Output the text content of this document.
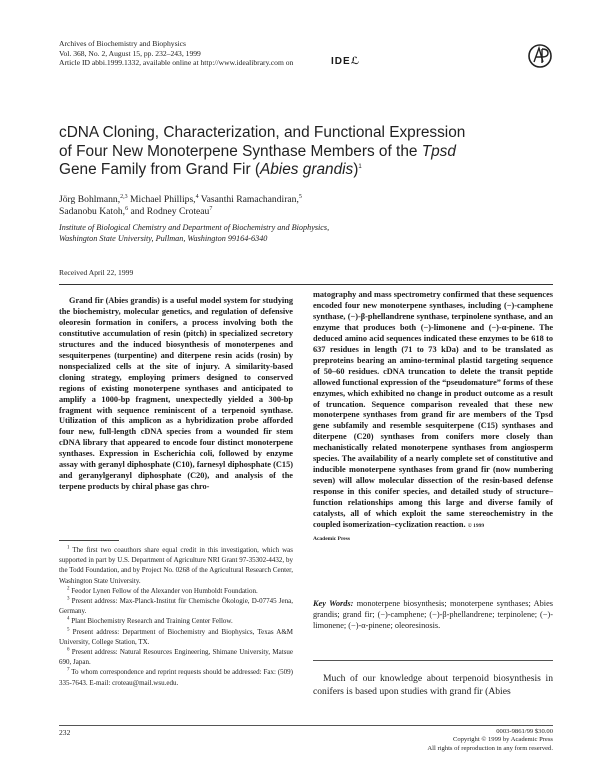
Archives of Biochemistry and Biophysics
Vol. 368, No. 2, August 15, pp. 232–243, 1999
Article ID abbi.1999.1332, available online at http://www.idealibrary.com on	IDEℒ
cDNA Cloning, Characterization, and Functional Expression
of Four New Monoterpene Synthase Members of the Tpsd
Gene Family from Grand Fir (Abies grandis)$^1$
Jörg Bohlmann,$^{2,3}$ Michael Phillips,$^4$ Vasanthi Ramachandiran,$^5$
Sadanobu Katoh,$^6$ and Rodney Croteau$^7$
Institute of Biological Chemistry and Department of Biochemistry and Biophysics,
Washington State University, Pullman, Washington 99164-6340
Received April 22, 1999
Grand fir (Abies grandis) is a useful model system for studying the biochemistry, molecular genetics, and regulation of defensive oleoresin formation in conifers, a process involving both the constitutive accumulation of resin (pitch) in specialized secretory structures and the induced biosynthesis of monoterpenes and sesquiterpenes (turpentine) and diterpene resin acids (rosin) by nonspecialized cells at the site of injury. A similarity-based cloning strategy, employing primers designed to conserved regions of existing monoterpene synthases and anticipated to amplify a 1000-bp fragment, unexpectedly yielded a 300-bp fragment with sequence reminiscent of a terpenoid synthase. Utilization of this amplicon as a hybridization probe afforded four new, full-length cDNA species from a wounded fir stem cDNA library that appeared to encode four distinct monoterpene synthases. Expression in Escherichia coli, followed by enzyme assay with geranyl diphosphate (C10), farnesyl diphosphate (C15) and geranylgeranyl diphosphate (C20), and analysis of the terpene products by chiral phase gas chro-
matography and mass spectrometry confirmed that these sequences encoded four new monoterpene synthases, including (−)-camphene synthase, (−)-β-phellandrene synthase, terpinolene synthase, and an enzyme that produces both (−)-limonene and (−)-α-pinene. The deduced amino acid sequences indicated these enzymes to be 618 to 637 residues in length (71 to 73 kDa) and to be translated as preproteins bearing an amino-terminal plastid targeting sequence of 50–60 residues. cDNA truncation to delete the transit peptide allowed functional expression of the “pseudomature” forms of these enzymes, which exhibited no change in product outcome as a result of truncation. Sequence comparison revealed that these new monoterpene synthases from grand fir are members of the Tpsd gene subfamily and resemble sesquiterpene (C15) synthases and diterpene (C20) synthases from conifers more closely than mechanistically related monoterpene synthases from angiosperm species. The availability of a nearly complete set of constitutive and inducible monoterpene synthases from grand fir (now numbering seven) will allow molecular dissection of the resin-based defense response in this conifer species, and detailed study of structure–function relationships among this large and diverse family of catalysts, all of which exploit the same stereochemistry in the coupled isomerization–cyclization reaction. © 1999
Academic Press

$^1$ The first two coauthors share equal credit in this investigation, which was supported in part by U.S. Department of Agriculture NRI Grant 97-35302-4432, by the Todd Foundation, and by Project No. 0268 of the Agricultural Research Center, Washington State University.

$^2$ Feodor Lynen Fellow of the Alexander von Humboldt Foundation.

$^3$ Present address: Max-Planck-Institut für Chemische Ökologie, D-07745 Jena, Germany.

$^4$ Plant Biochemistry Research and Training Center Fellow.

$^5$ Present address: Department of Biochemistry and Biophysics, Texas A&M University, College Station, TX.

$^6$ Present address: Natural Resources Engineering, Shimane University, Matsue 690, Japan.

$^7$ To whom correspondence and reprint requests should be addressed: Fax: (509) 335-7643. E-mail: croteau@mail.wsu.edu.

Key Words: monoterpene biosynthesis; monoterpene synthases; Abies grandis; grand fir; (−)-camphene; (−)-β-phellandrene; terpinolene; (−)-limonene; (−)-α-pinene; oleoresinosis.
Much of our knowledge about terpenoid biosynthesis in conifers is based upon studies with grand fir (Abies
232	0003-9861/99 $30.00
Copyright © 1999 by Academic Press
All rights of reproduction in any form reserved.
